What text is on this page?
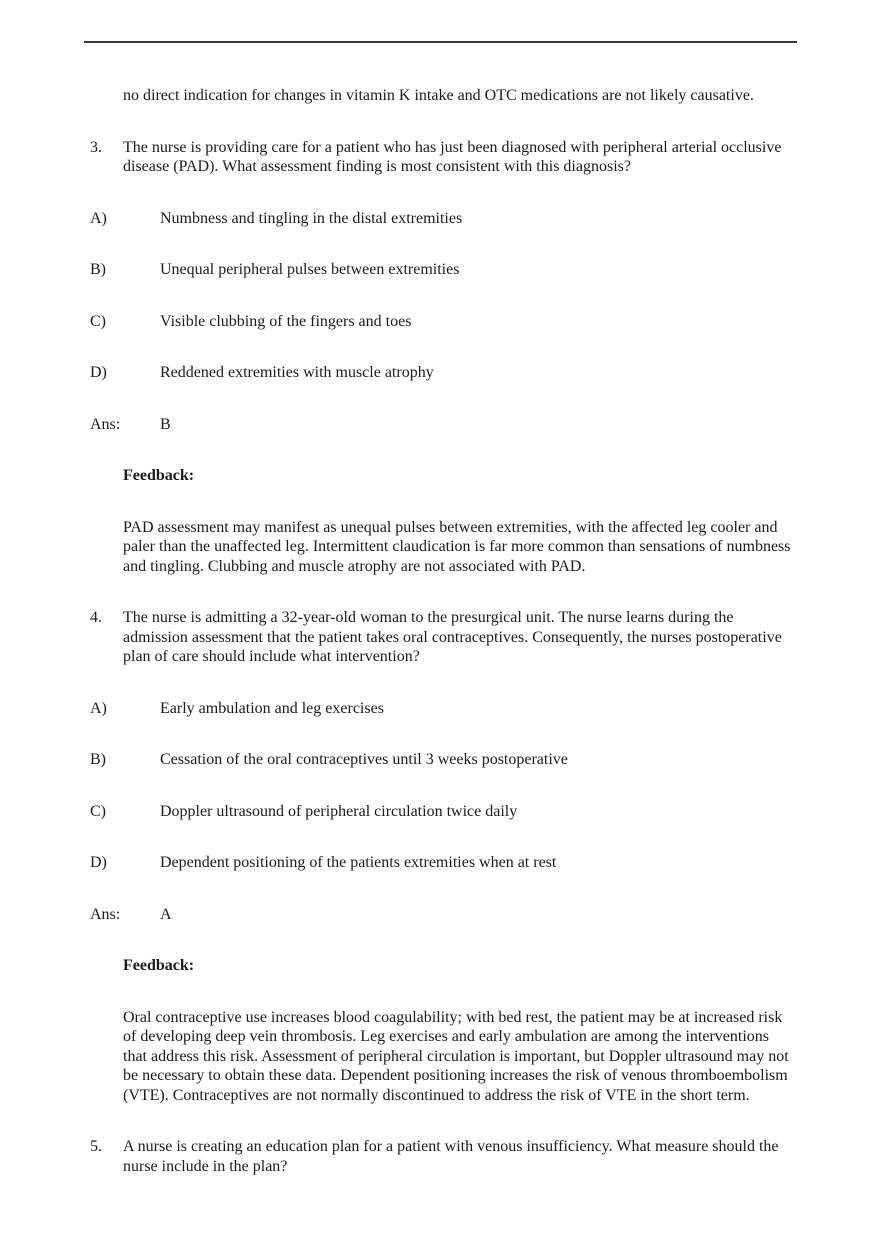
no direct indication for changes in vitamin K intake and OTC medications are not likely causative.

3.	The nurse is providing care for a patient who has just been diagnosed with peripheral arterial occlusive disease (PAD). What assessment finding is most consistent with this diagnosis?
A)	Numbness and tingling in the distal extremities
B)	Unequal peripheral pulses between extremities
C)	Visible clubbing of the fingers and toes
D)	Reddened extremities with muscle atrophy
Ans:	B

Feedback:

PAD assessment may manifest as unequal pulses between extremities, with the affected leg cooler and paler than the unaffected leg. Intermittent claudication is far more common than sensations of numbness and tingling. Clubbing and muscle atrophy are not associated with PAD.

4.	The nurse is admitting a 32-year-old woman to the presurgical unit. The nurse learns during the admission assessment that the patient takes oral contraceptives. Consequently, the nurses postoperative plan of care should include what intervention?
A)	Early ambulation and leg exercises
B)	Cessation of the oral contraceptives until 3 weeks postoperative
C)	Doppler ultrasound of peripheral circulation twice daily
D)	Dependent positioning of the patients extremities when at rest
Ans:	A

Feedback:

Oral contraceptive use increases blood coagulability; with bed rest, the patient may be at increased risk of developing deep vein thrombosis. Leg exercises and early ambulation are among the interventions that address this risk. Assessment of peripheral circulation is important, but Doppler ultrasound may not be necessary to obtain these data. Dependent positioning increases the risk of venous thromboembolism (VTE). Contraceptives are not normally discontinued to address the risk of VTE in the short term.

5.	A nurse is creating an education plan for a patient with venous insufficiency. What measure should the nurse include in the plan?
